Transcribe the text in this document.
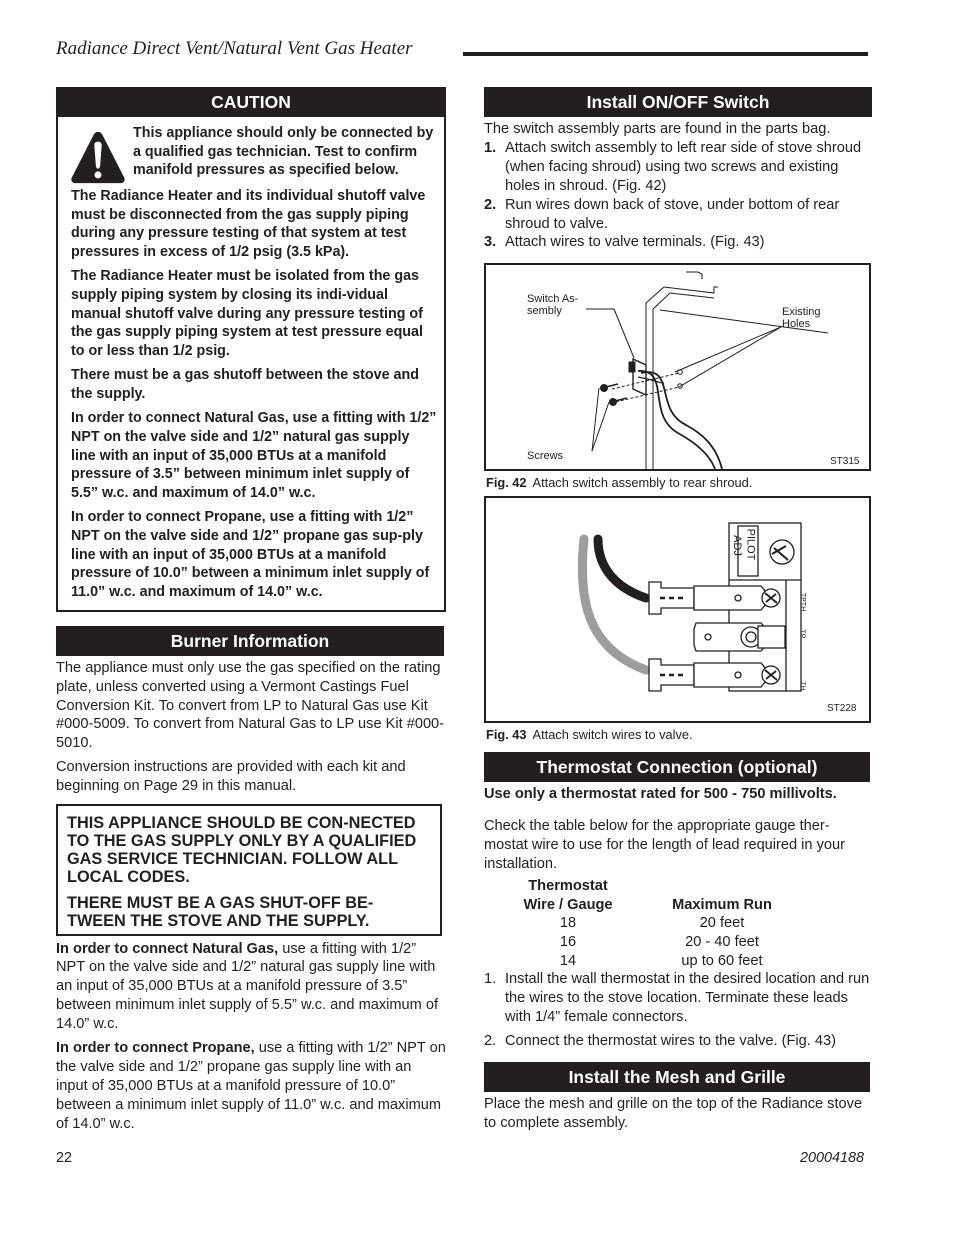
Radiance Direct Vent/Natural Vent Gas Heater
CAUTION

This appliance should only be connected by a qualified gas technician. Test to confirm manifold pressures as specified below.

The Radiance Heater and its individual shutoff valve must be disconnected from the gas supply piping during any pressure testing of that system at test pressures in excess of 1/2 psig (3.5 kPa).

The Radiance Heater must be isolated from the gas supply piping system by closing its indi-vidual manual shutoff valve during any pressure testing of the gas supply piping system at test pressure equal to or less than 1/2 psig.

There must be a gas shutoff between the stove and the supply.

In order to connect Natural Gas, use a fitting with 1/2” NPT on the valve side and 1/2” natural gas supply line with an input of 35,000 BTUs at a manifold pressure of 3.5” between minimum inlet supply of 5.5” w.c. and maximum of 14.0” w.c.

In order to connect Propane, use a fitting with 1/2” NPT on the valve side and 1/2” propane gas sup-ply line with an input of 35,000 BTUs at a manifold pressure of 10.0” between a minimum inlet supply of 11.0” w.c. and maximum of 14.0” w.c.

Burner Information

The appliance must only use the gas specified on the rating plate, unless converted using a Vermont Castings Fuel Conversion Kit. To convert from LP to Natural Gas use Kit #000-5009. To convert from Natural Gas to LP use Kit #000-5010.

Conversion instructions are provided with each kit and beginning on Page 29 in this manual.

THIS APPLIANCE SHOULD BE CON-NECTED TO THE GAS SUPPLY ONLY BY A QUALIFIED GAS SERVICE TECHNICIAN. FOLLOW ALL LOCAL CODES.

THERE MUST BE A GAS SHUT-OFF BE-TWEEN THE STOVE AND THE SUPPLY.

In order to connect Natural Gas, use a fitting with 1/2” NPT on the valve side and 1/2” natural gas supply line with an input of 35,000 BTUs at a manifold pressure of 3.5” between minimum inlet supply of 5.5” w.c. and maximum of 14.0” w.c.

In order to connect Propane, use a fitting with 1/2” NPT on the valve side and 1/2” propane gas supply line with an input of 35,000 BTUs at a manifold pressure of 10.0” between a minimum inlet supply of 11.0” w.c. and maximum of 14.0” w.c.

Install ON/OFF Switch
The switch assembly parts are found in the parts bag.
1. Attach switch assembly to left rear side of stove shroud (when facing shroud) using two screws and existing holes in shroud. (Fig. 42)
2. Run wires down back of stove, under bottom of rear shroud to valve.
3. Attach wires to valve terminals. (Fig. 43)
Switch As-
sembly	Existing
Holes
Screws	ST315
Fig. 42 Attach switch assembly to rear shroud.
PILOT
ADJ
TPTH
TP
TH
ST228
Fig. 43 Attach switch wires to valve.
Thermostat Connection (optional)

Use only a thermostat rated for 500 - 750 millivolts.

Check the table below for the appropriate gauge ther-mostat wire to use for the length of lead required in your installation.

Thermostat
Wire / Gauge	Maximum Run
18	20 feet
16	20 - 40 feet
14	up to 60 feet
1. Install the wall thermostat in the desired location and run the wires to the stove location. Terminate these leads with 1/4” female connectors.
2. Connect the thermostat wires to the valve. (Fig. 43)
Install the Mesh and Grille
Place the mesh and grille on the top of the Radiance stove to complete assembly.
22	20004188
